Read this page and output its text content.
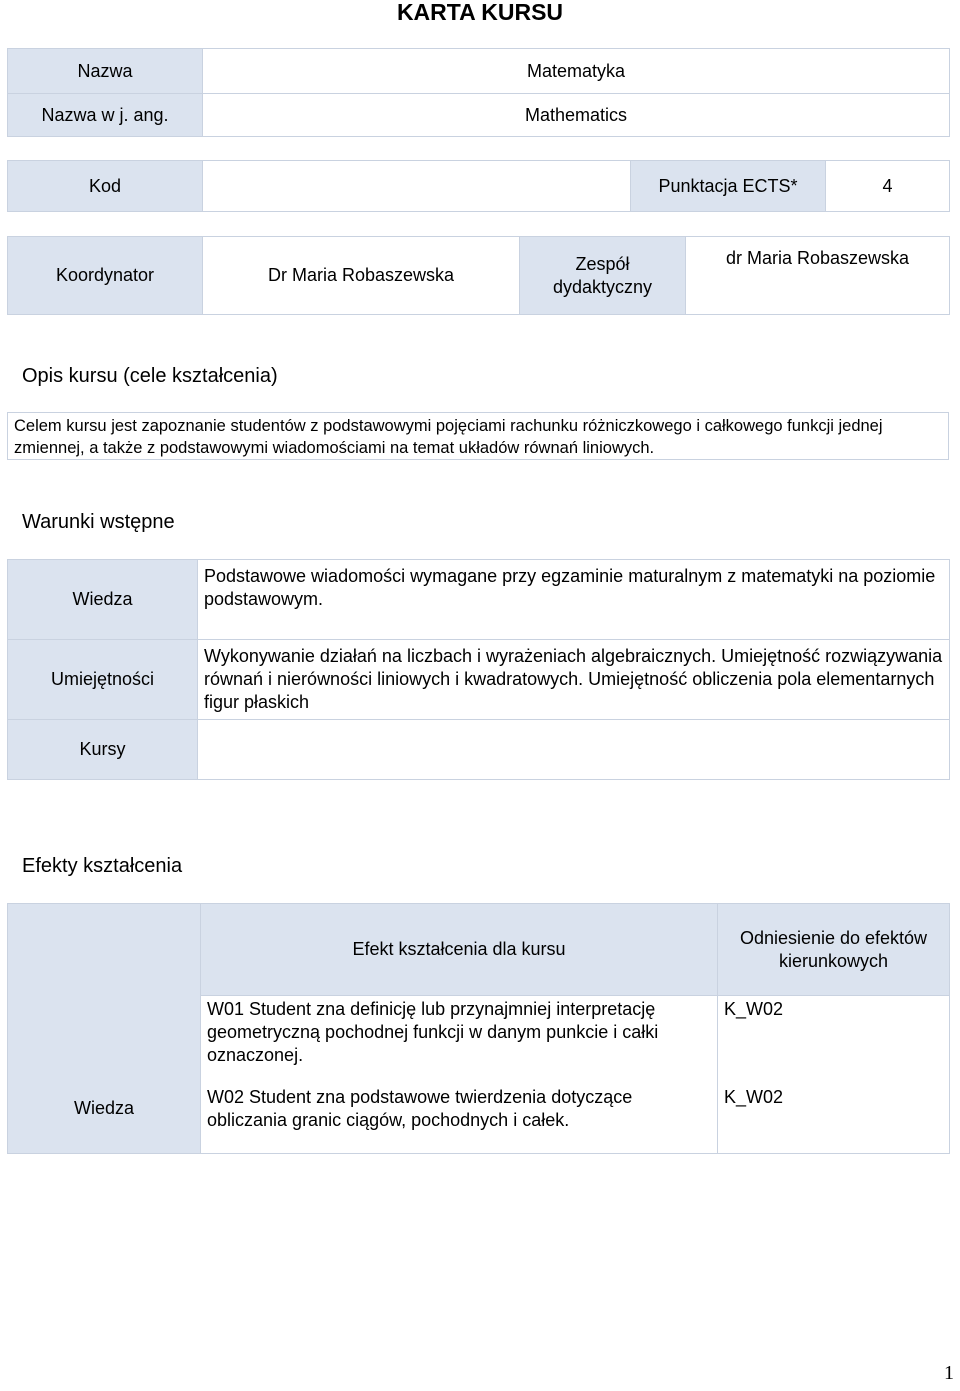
KARTA KURSU
Nazwa	Matematyka
Nazwa w j. ang.	Mathematics
Kod		Punktacja ECTS*	4
Koordynator	Dr Maria Robaszewska	Zespół dydaktyczny	dr Maria Robaszewska
Opis kursu (cele kształcenia)
Celem kursu jest zapoznanie studentów z podstawowymi pojęciami rachunku różniczkowego i całkowego funkcji jednej zmiennej, a także z podstawowymi wiadomościami na temat układów równań liniowych.
Warunki wstępne
Wiedza	Podstawowe wiadomości wymagane przy egzaminie maturalnym z matematyki na poziomie podstawowym.
Umiejętności	Wykonywanie działań na liczbach i wyrażeniach algebraicznych. Umiejętność rozwiązywania równań i nierówności liniowych i kwadratowych. Umiejętność obliczenia pola elementarnych figur płaskich
Kursy	
Efekty kształcenia
Wiedza	Efekt kształcenia dla kursu	Odniesienie do efektów kierunkowych
	W01 Student zna definicję lub przynajmniej interpretację geometryczną pochodnej funkcji w danym punkcie i całki oznaczonej.	K_W02
	W02 Student zna podstawowe twierdzenia dotyczące obliczania granic ciągów, pochodnych i całek.	K_W02
1
